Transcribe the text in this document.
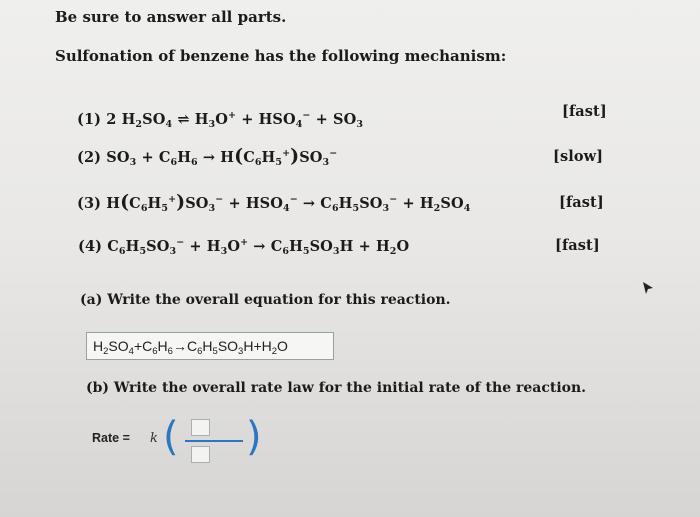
Be sure to answer all parts.
Sulfonation of benzene has the following mechanism:
(1) 2 $H_2SO_4$ ⇌ $H_3O^+ + HSO_4^- + SO_3$
[fast]
(2) $SO_3 + C_6H_6 \to H(C_6H_5^+)SO_3^-$	[slow]
(3) $H(C_6H_5^+)SO_3^- + HSO_4^- \to C_6H_5SO_3^- + H_2SO_4$	[fast]
(4) $C_6H_5SO_3^- + H_3O^+ \to C_6H_5SO_3H + H_2O$	[fast]
(a) Write the overall equation for this reaction.
$H_2SO_4+C_6H_6\to C_6H_5SO_3H+H_2O$
(b) Write the overall rate law for the initial rate of the reaction.
Rate = k ( )
